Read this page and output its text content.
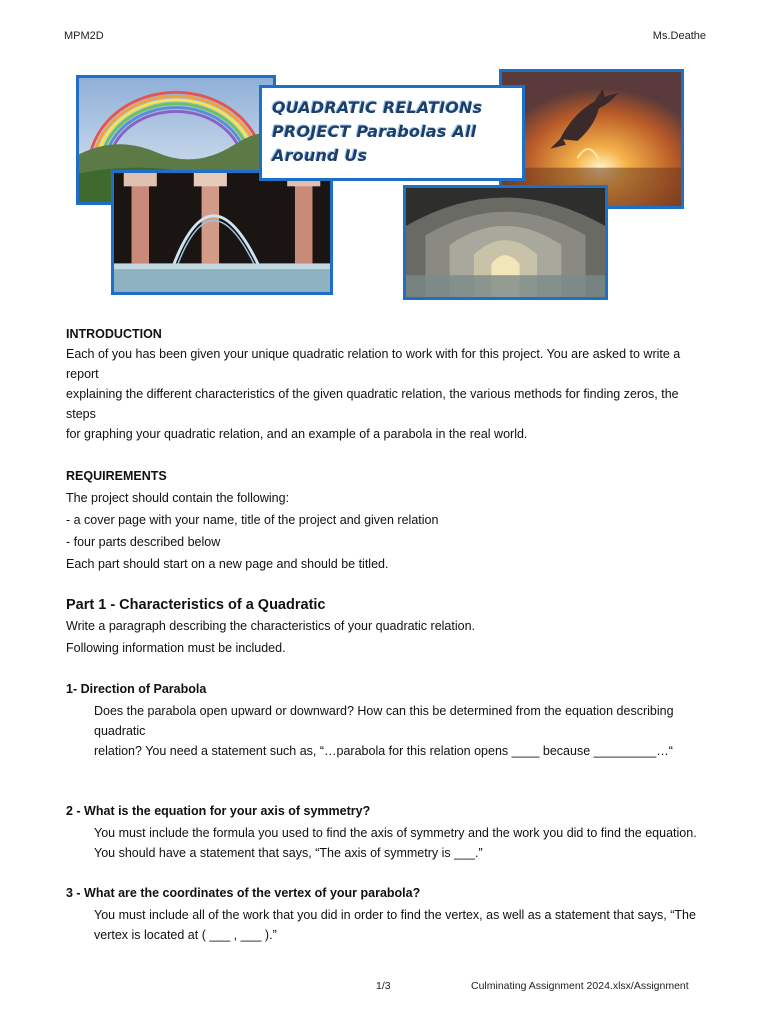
MPM2D	Ms.Deathe
QUADRATIC RELATIONs
PROJECT Parabolas All
Around Us

INTRODUCTION

Each of you has been given your unique quadratic relation to work with for this project. You are asked to write a report

explaining the different characteristics of the given quadratic relation, the various methods for finding zeros, the steps

for graphing your quadratic relation, and an example of a parabola in the real world.

REQUIREMENTS

The project should contain the following:

- a cover page with your name, title of the project and given relation

- four parts described below

Each part should start on a new page and should be titled.

Part 1 - Characteristics of a Quadratic

Write a paragraph describing the characteristics of your quadratic relation.

Following information must be included.

1- Direction of Parabola

Does the parabola open upward or downward? How can this be determined from the equation describing quadratic

relation? You need a statement such as, “…parabola for this relation opens ____ because _________…“

2 - What is the equation for your axis of symmetry?

You must include the formula you used to find the axis of symmetry and the work you did to find the equation.

You should have a statement that says, “The axis of symmetry is ___.”

3 - What are the coordinates of the vertex of your parabola?

You must include all of the work that you did in order to find the vertex, as well as a statement that says, “The

vertex is located at ( ___ , ___ ).”

1/3	Culminating Assignment 2024.xlsx/Assignment
